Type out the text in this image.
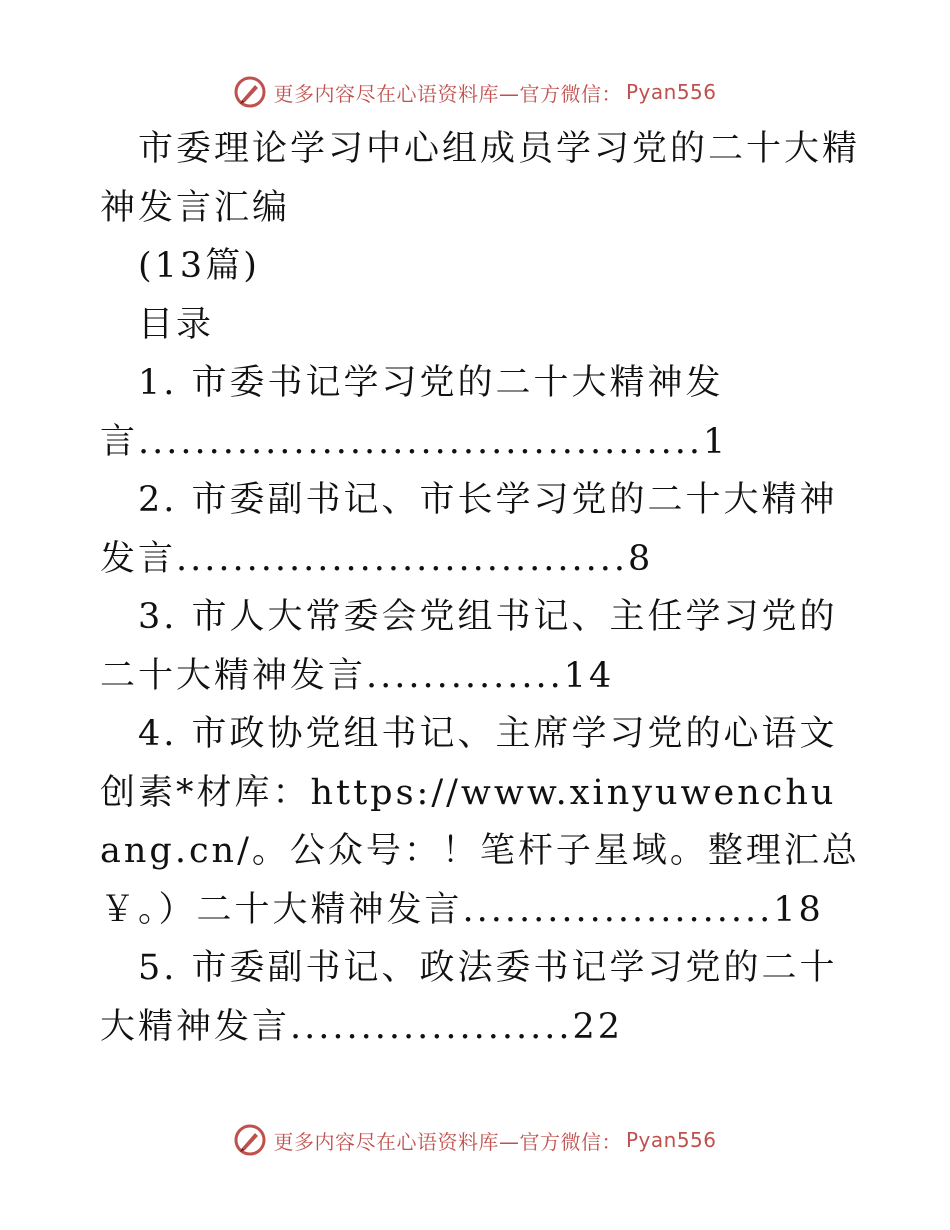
更多内容尽在心语资料库—官方微信： Pyan556

市委理论学习中心组成员学习党的二十大精神发言汇编

(13篇)

目录

1. 市委书记学习党的二十大精神发言........................................1

2. 市委副书记、市长学习党的二十大精神发言................................8

3. 市人大常委会党组书记、主任学习党的二十大精神发言..............14

4. 市政协党组书记、主席学习党的心语文创素*材库：https://www.xinyuwenchuang.cn/。公众号：！笔杆子星域。整理汇总￥。）二十大精神发言......................18

5. 市委副书记、政法委书记学习党的二十大精神发言....................22

更多内容尽在心语资料库—官方微信： Pyan556
